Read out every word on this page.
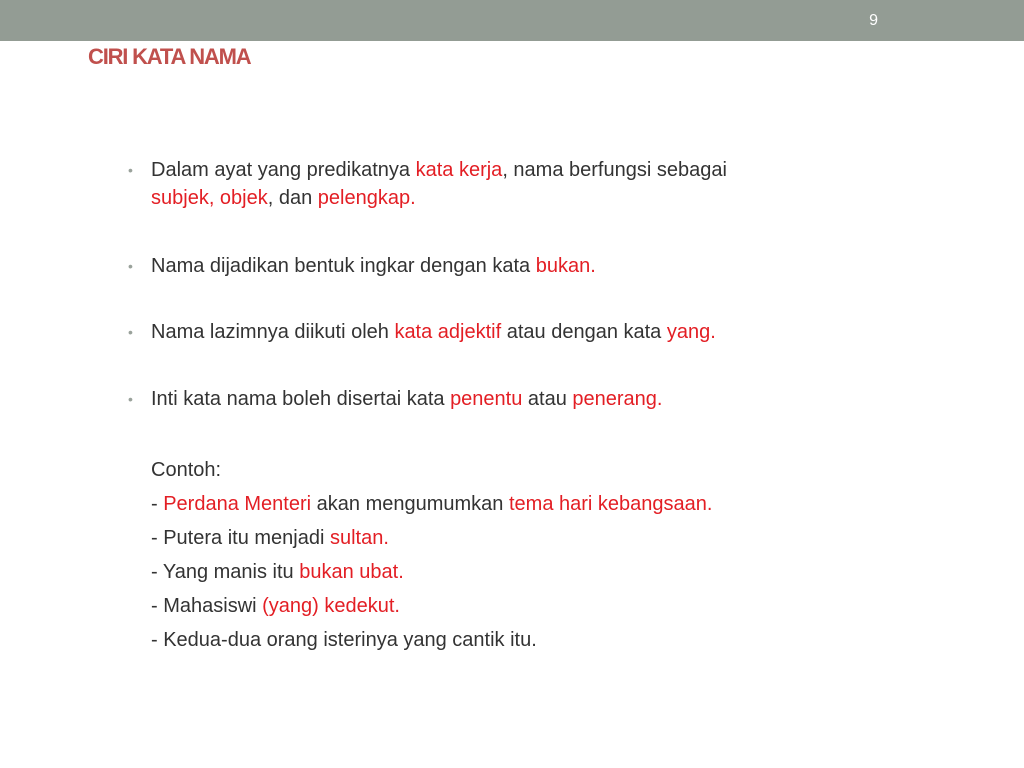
9
CIRI KATA NAMA
• Dalam ayat yang predikatnya kata kerja, nama berfungsi sebagai
subjek, objek, dan pelengkap.
• Nama dijadikan bentuk ingkar dengan kata bukan.
• Nama lazimnya diikuti oleh kata adjektif atau dengan kata yang.
• Inti kata nama boleh disertai kata penentu atau penerang.
Contoh:
- Perdana Menteri akan mengumumkan tema hari kebangsaan.
- Putera itu menjadi sultan.
- Yang manis itu bukan ubat.
- Mahasiswi (yang) kedekut.
- Kedua-dua orang isterinya yang cantik itu.
